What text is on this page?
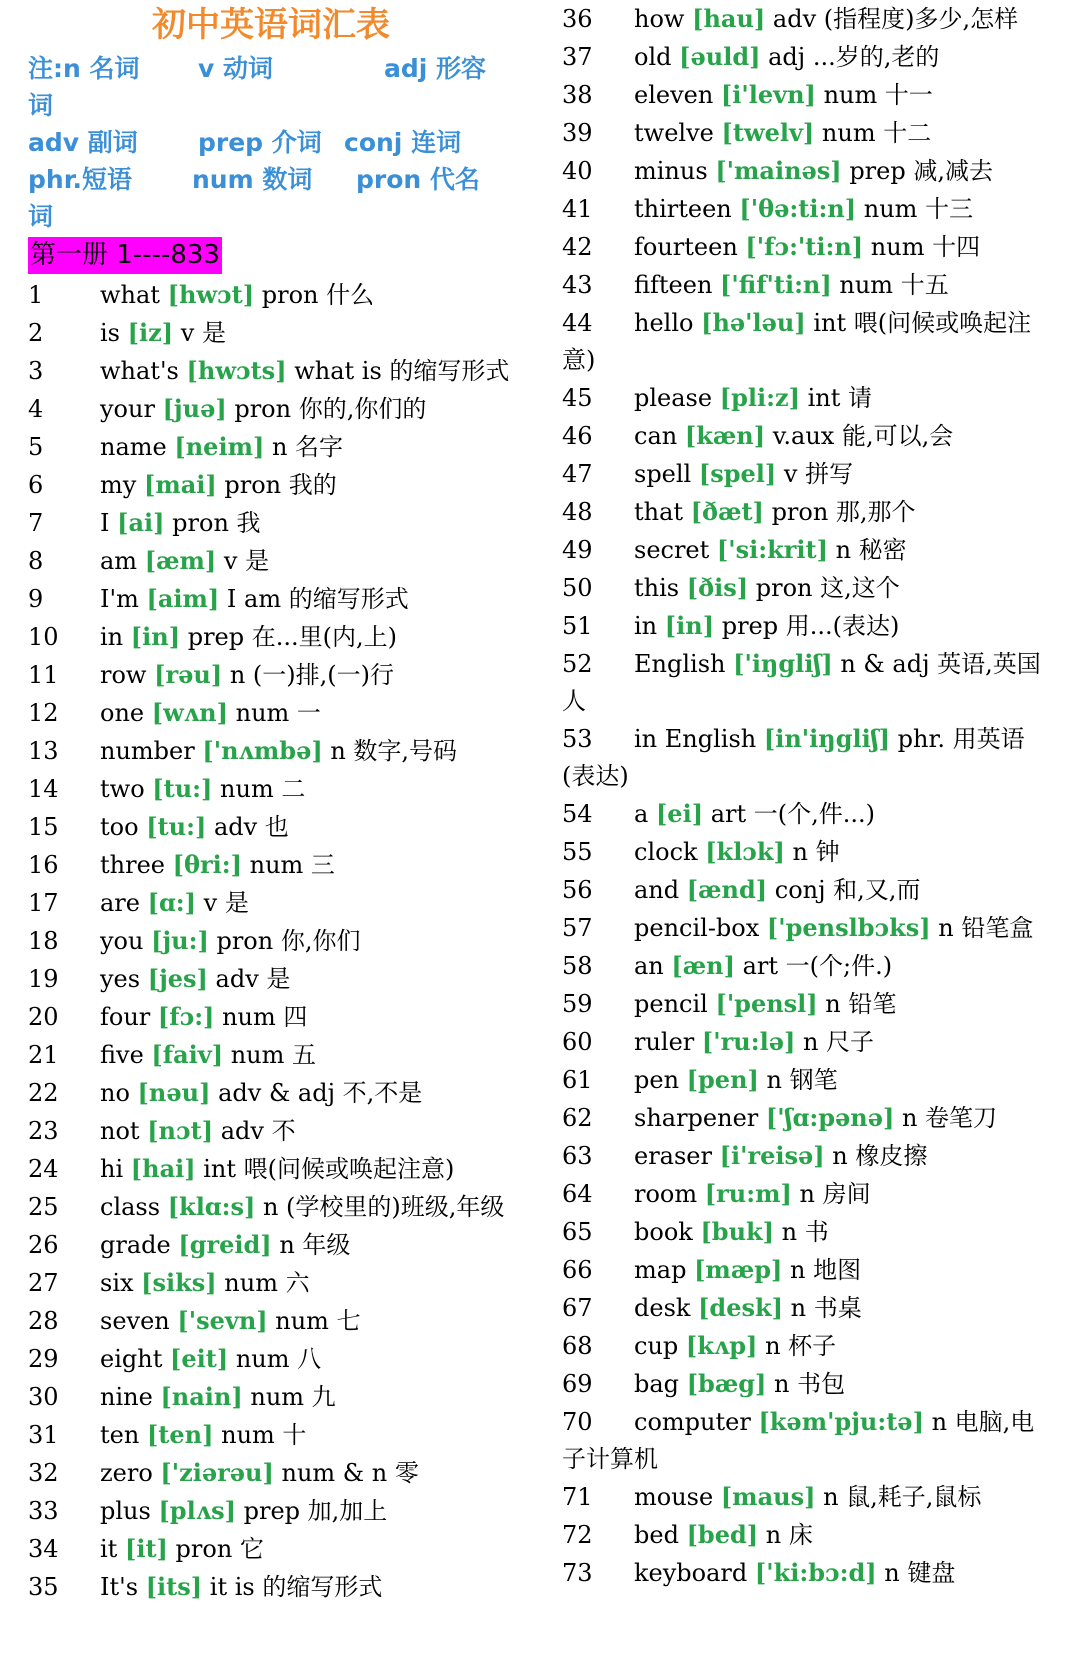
初中英语词汇表
注:n 名词	v 动词	adj 形容
词
adv 副词	prep 介词 conj 连词
phr.短语	num 数词	pron 代名
词
第一册 1----833
1 what [hwɔt] pron 什么
2 is [iz] v 是
3 what's [hwɔts] what is 的缩写形式
4 your [juə] pron 你的,你们的
5 name [neim] n 名字
6 my [mai] pron 我的
7 I [ai] pron 我
8 am [æm] v 是
9 I'm [aim] I am 的缩写形式
10 in [in] prep 在...里(内,上)
11 row [rəu] n (一)排,(一)行
12 one [wʌn] num 一
13 number ['nʌmbə] n 数字,号码
14 two [tu:] num 二
15 too [tu:] adv 也
16 three [θri:] num 三
17 are [ɑ:] v 是
18 you [ju:] pron 你,你们
19 yes [jes] adv 是
20 four [fɔ:] num 四
21 five [faiv] num 五
22 no [nəu] adv & adj 不,不是
23 not [nɔt] adv 不
24 hi [hai] int 喂(问候或唤起注意)
25 class [klɑ:s] n (学校里的)班级,年级
26 grade [greid] n 年级
27 six [siks] num 六
28 seven ['sevn] num 七
29 eight [eit] num 八
30 nine [nain] num 九
31 ten [ten] num 十
32 zero ['ziərəu] num & n 零
33 plus [plʌs] prep 加,加上
34 it [it] pron 它
35 It's [its] it is 的缩写形式
36 how [hau] adv (指程度)多少,怎样
37 old [əuld] adj ...岁的,老的
38 eleven [i'levn] num 十一
39 twelve [twelv] num 十二
40 minus ['mainəs] prep 减,减去
41 thirteen ['θə:ti:n] num 十三
42 fourteen ['fɔ:'ti:n] num 十四
43 fifteen ['fif'ti:n] num 十五
44 hello [hə'ləu] int 喂(问候或唤起注意)
45 please [pli:z] int 请
46 can [kæn] v.aux 能,可以,会
47 spell [spel] v 拼写
48 that [ðæt] pron 那,那个
49 secret ['si:krit] n 秘密
50 this [ðis] pron 这,这个
51 in [in] prep 用...(表达)
52 English ['iŋgliʃ] n & adj 英语,英国人
53 in English [in'iŋgliʃ] phr. 用英语(表达)
54 a [ei] art 一(个,件...)
55 clock [klɔk] n 钟
56 and [ænd] conj 和,又,而
57 pencil-box ['penslbɔks] n 铅笔盒
58 an [æn] art 一(个;件.)
59 pencil ['pensl] n 铅笔
60 ruler ['ru:lə] n 尺子
61 pen [pen] n 钢笔
62 sharpener ['ʃɑ:pənə] n 卷笔刀
63 eraser [i'reisə] n 橡皮擦
64 room [ru:m] n 房间
65 book [buk] n 书
66 map [mæp] n 地图
67 desk [desk] n 书桌
68 cup [kʌp] n 杯子
69 bag [bæg] n 书包
70 computer [kəm'pju:tə] n 电脑,电子计算机
71 mouse [maus] n 鼠,耗子,鼠标
72 bed [bed] n 床
73 keyboard ['ki:bɔ:d] n 键盘
